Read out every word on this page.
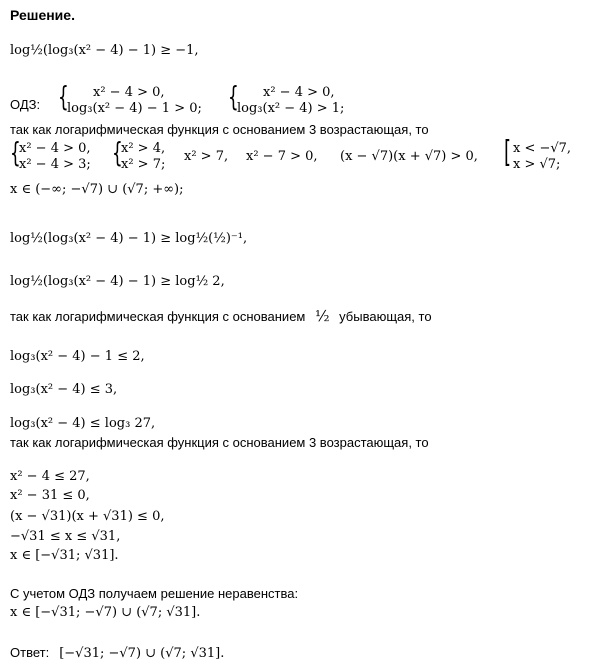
Решение.
log½(log₃(x² − 4) − 1) ≥ −1,
ОДЗ: {	x² − 4 > 0,
log₃(x² − 4) − 1 > 0; {	x² − 4 > 0,
log₃(x² − 4) > 1;
так как логарифмическая функция с основанием 3 возрастающая, то
{
x² − 4 > 0,
x² − 4 > 3; {
x² > 4,
x² > 7;
x² > 7, x² − 7 > 0, (x − √7)(x + √7) > 0, [ x < −√7,
x > √7;
x ∈ (−∞; −√7) ∪ (√7; +∞);
log½(log₃(x² − 4) − 1) ≥ log½(½)⁻¹,
log½(log₃(x² − 4) − 1) ≥ log½ 2,
так как логарифмическая функция с основанием ½ убывающая, то
log₃(x² − 4) − 1 ≤ 2,
log₃(x² − 4) ≤ 3,
log₃(x² − 4) ≤ log₃ 27,
так как логарифмическая функция с основанием 3 возрастающая, то
x² − 4 ≤ 27,
x² − 31 ≤ 0,
(x − √31)(x + √31) ≤ 0,
−√31 ≤ x ≤ √31,
x ∈ [−√31; √31].
С учетом ОДЗ получаем решение неравенства:
x ∈ [−√31; −√7) ∪ (√7; √31].
Ответ: [−√31; −√7) ∪ (√7; √31].
